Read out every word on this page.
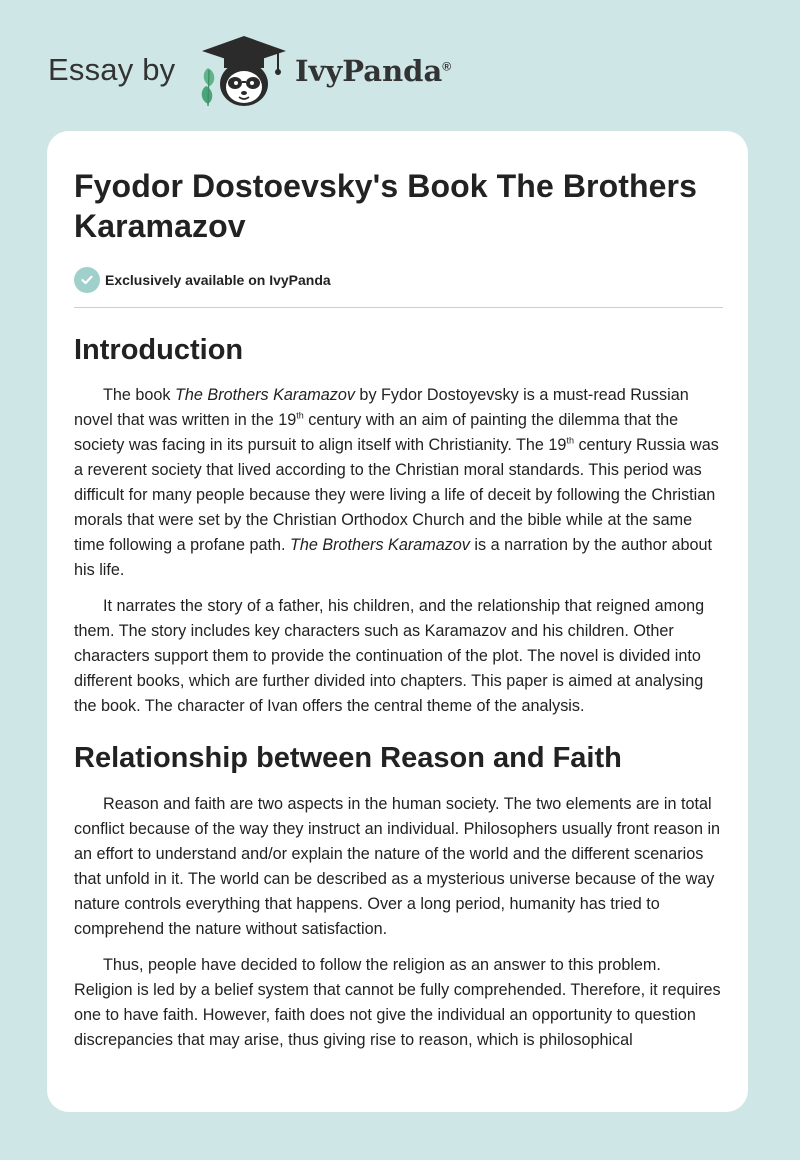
Essay by	IvyPanda®
Fyodor Dostoevsky's Book The Brothers Karamazov
Exclusively available on IvyPanda
Introduction

The book The Brothers Karamazov by Fydor Dostoyevsky is a must-read Russian novel that was written in the 19th century with an aim of painting the dilemma that the society was facing in its pursuit to align itself with Christianity. The 19th century Russia was a reverent society that lived according to the Christian moral standards. This period was difficult for many people because they were living a life of deceit by following the Christian morals that were set by the Christian Orthodox Church and the bible while at the same time following a profane path. The Brothers Karamazov is a narration by the author about his life.

It narrates the story of a father, his children, and the relationship that reigned among them. The story includes key characters such as Karamazov and his children. Other characters support them to provide the continuation of the plot. The novel is divided into different books, which are further divided into chapters. This paper is aimed at analysing the book. The character of Ivan offers the central theme of the analysis.

Relationship between Reason and Faith

Reason and faith are two aspects in the human society. The two elements are in total conflict because of the way they instruct an individual. Philosophers usually front reason in an effort to understand and/or explain the nature of the world and the different scenarios that unfold in it. The world can be described as a mysterious universe because of the way nature controls everything that happens. Over a long period, humanity has tried to comprehend the nature without satisfaction.

Thus, people have decided to follow the religion as an answer to this problem. Religion is led by a belief system that cannot be fully comprehended. Therefore, it requires one to have faith. However, faith does not give the individual an opportunity to question discrepancies that may arise, thus giving rise to reason, which is philosophical
